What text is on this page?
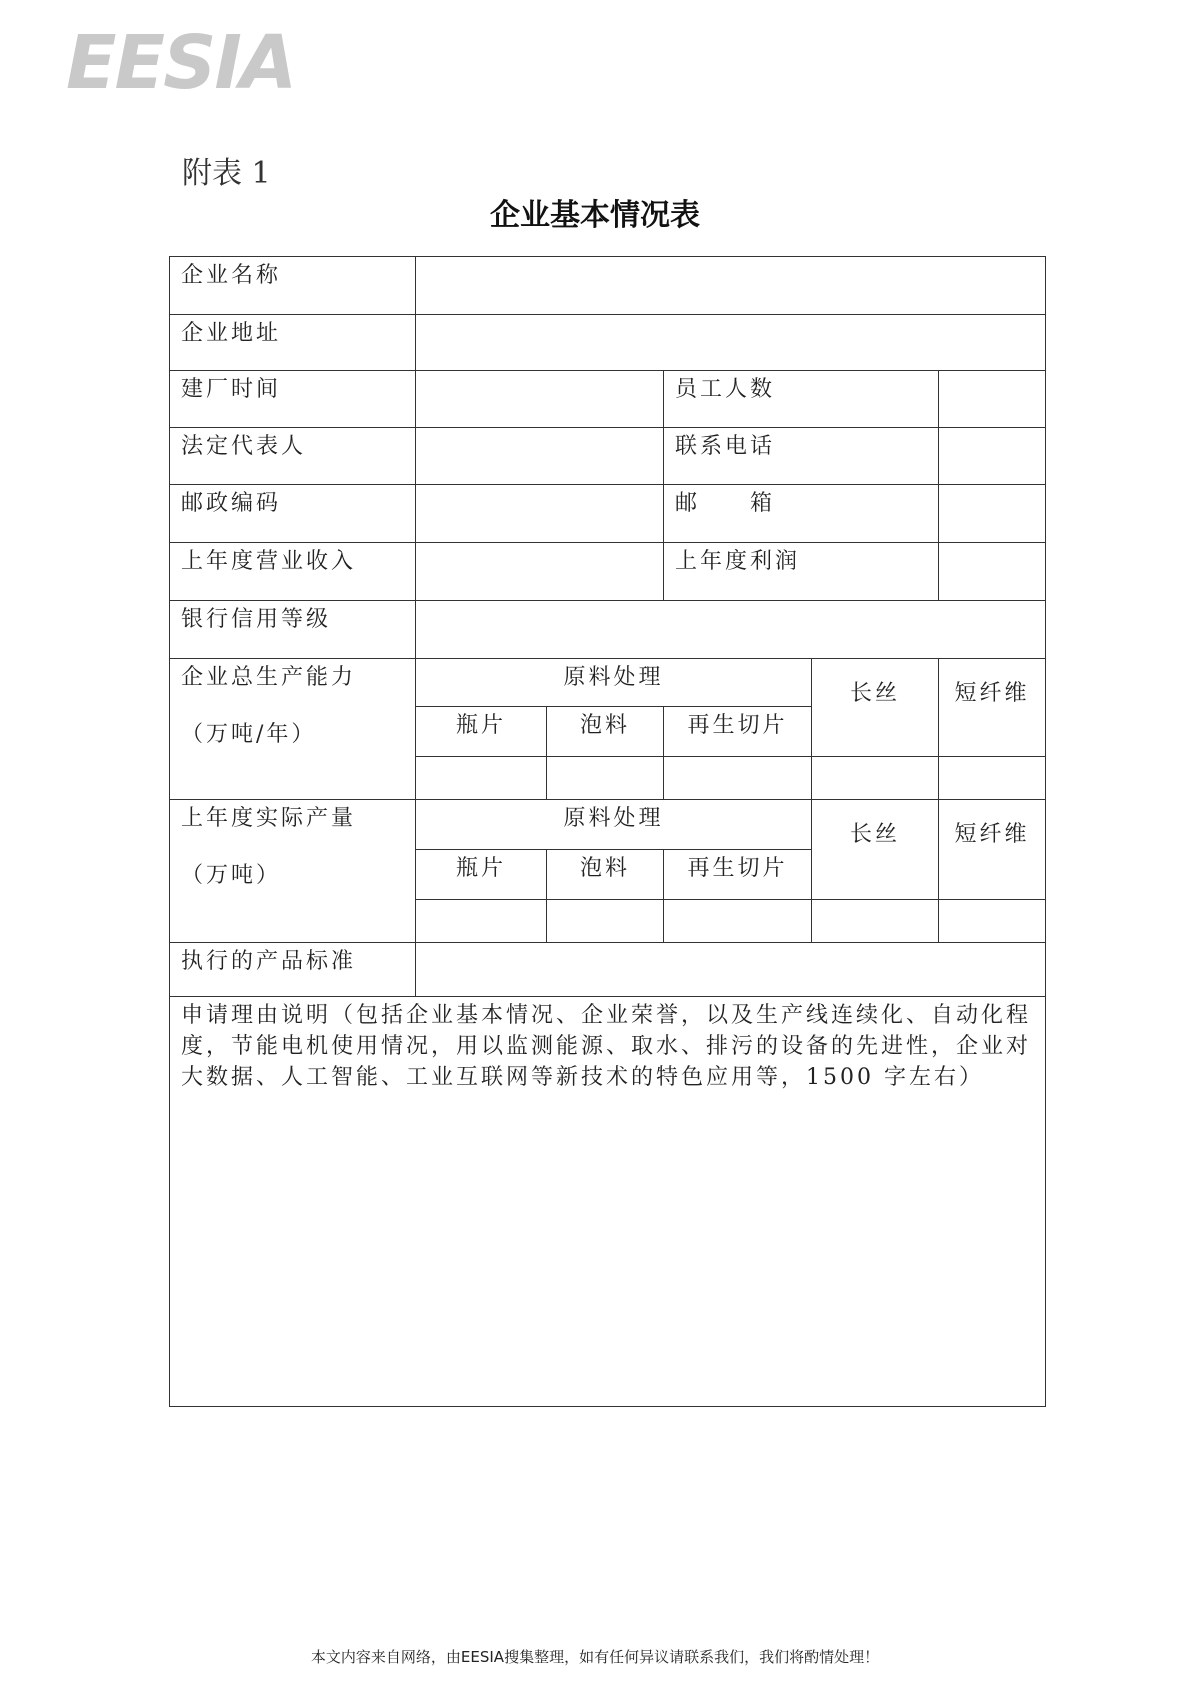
EESIA
附表 1
企业基本情况表
企业名称					
企业地址					
建厂时间			员工人数		
法定代表人			联系电话		
邮政编码			邮　　箱		
上年度营业收入			上年度利润		
银行信用等级					

企业总生产能力
（万吨/年）	原料处理			长丝	短纤维
	瓶片	泡料	再生切片		

上年度实际产量
（万吨）	原料处理			长丝	短纤维
	瓶片	泡料	再生切片		

执行的产品标准					
申请理由说明（包括企业基本情况、企业荣誉，以及生产线连续化、自动化程度，节能电机使用情况，用以监测能源、取水、排污的设备的先进性，企业对大数据、人工智能、工业互联网等新技术的特色应用等，1500 字左右）					
本文内容来自网络，由EESIA搜集整理，如有任何异议请联系我们，我们将酌情处理！
